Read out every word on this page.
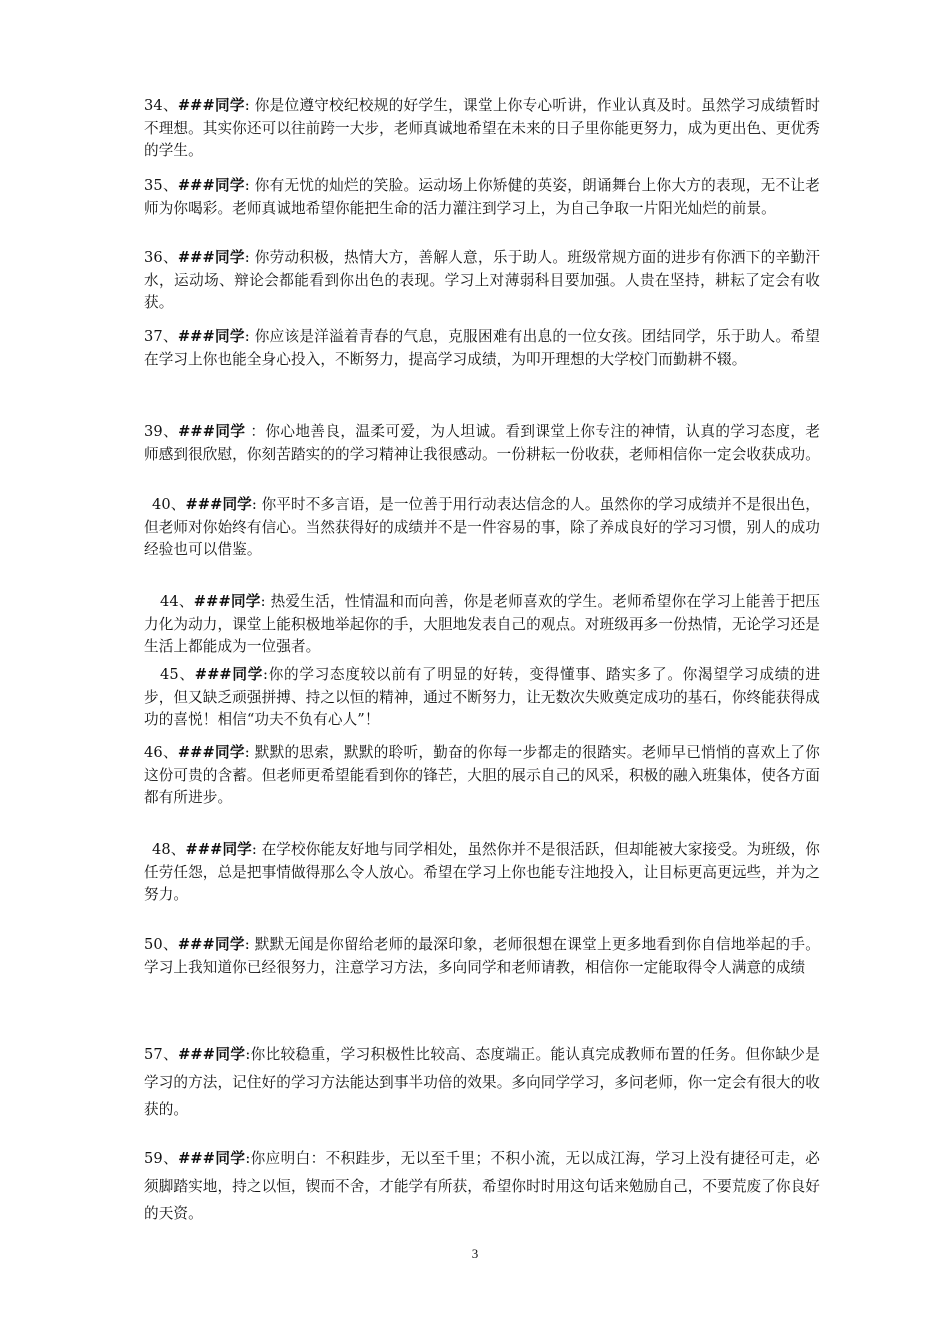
34、###同学: 你是位遵守校纪校规的好学生，课堂上你专心听讲，作业认真及时。虽然学习成绩暂时不理想。其实你还可以往前跨一大步，老师真诚地希望在未来的日子里你能更努力，成为更出色、更优秀的学生。

35、###同学: 你有无忧的灿烂的笑脸。运动场上你矫健的英姿，朗诵舞台上你大方的表现，无不让老师为你喝彩。老师真诚地希望你能把生命的活力灌注到学习上，为自己争取一片阳光灿烂的前景。

36、###同学: 你劳动积极，热情大方，善解人意，乐于助人。班级常规方面的进步有你洒下的辛勤汗水，运动场、辩论会都能看到你出色的表现。学习上对薄弱科目要加强。人贵在坚持，耕耘了定会有收获。

37、###同学: 你应该是洋溢着青春的气息，克服困难有出息的一位女孩。团结同学，乐于助人。希望在学习上你也能全身心投入，不断努力，提高学习成绩，为叩开理想的大学校门而勤耕不辍。

39、###同学 ：你心地善良，温柔可爱，为人坦诚。看到课堂上你专注的神情，认真的学习态度，老师感到很欣慰，你刻苦踏实的的学习精神让我很感动。一份耕耘一份收获，老师相信你一定会收获成功。

40、###同学: 你平时不多言语，是一位善于用行动表达信念的人。虽然你的学习成绩并不是很出色，但老师对你始终有信心。当然获得好的成绩并不是一件容易的事，除了养成良好的学习习惯，别人的成功经验也可以借鉴。

44、###同学: 热爱生活，性情温和而向善，你是老师喜欢的学生。老师希望你在学习上能善于把压力化为动力，课堂上能积极地举起你的手，大胆地发表自己的观点。对班级再多一份热情，无论学习还是生活上都能成为一位强者。

45、###同学:你的学习态度较以前有了明显的好转，变得懂事、踏实多了。你渴望学习成绩的进步，但又缺乏顽强拼搏、持之以恒的精神，通过不断努力，让无数次失败奠定成功的基石，你终能获得成功的喜悦！相信“功夫不负有心人”！

46、###同学: 默默的思索，默默的聆听，勤奋的你每一步都走的很踏实。老师早已悄悄的喜欢上了你这份可贵的含蓄。但老师更希望能看到你的锋芒，大胆的展示自己的风采，积极的融入班集体，使各方面都有所进步。

48、###同学: 在学校你能友好地与同学相处，虽然你并不是很活跃，但却能被大家接受。为班级，你任劳任怨，总是把事情做得那么令人放心。希望在学习上你也能专注地投入，让目标更高更远些，并为之努力。

50、###同学: 默默无闻是你留给老师的最深印象，老师很想在课堂上更多地看到你自信地举起的手。学习上我知道你已经很努力，注意学习方法，多向同学和老师请教，相信你一定能取得令人满意的成绩

57、###同学:你比较稳重，学习积极性比较高、态度端正。能认真完成教师布置的任务。但你缺少是学习的方法，记住好的学习方法能达到事半功倍的效果。多向同学学习，多问老师，你一定会有很大的收获的。

59、###同学:你应明白：不积跬步，无以至千里；不积小流，无以成江海，学习上没有捷径可走，必须脚踏实地，持之以恒，锲而不舍，才能学有所获，希望你时时用这句话来勉励自己，不要荒废了你良好的天资。

3
